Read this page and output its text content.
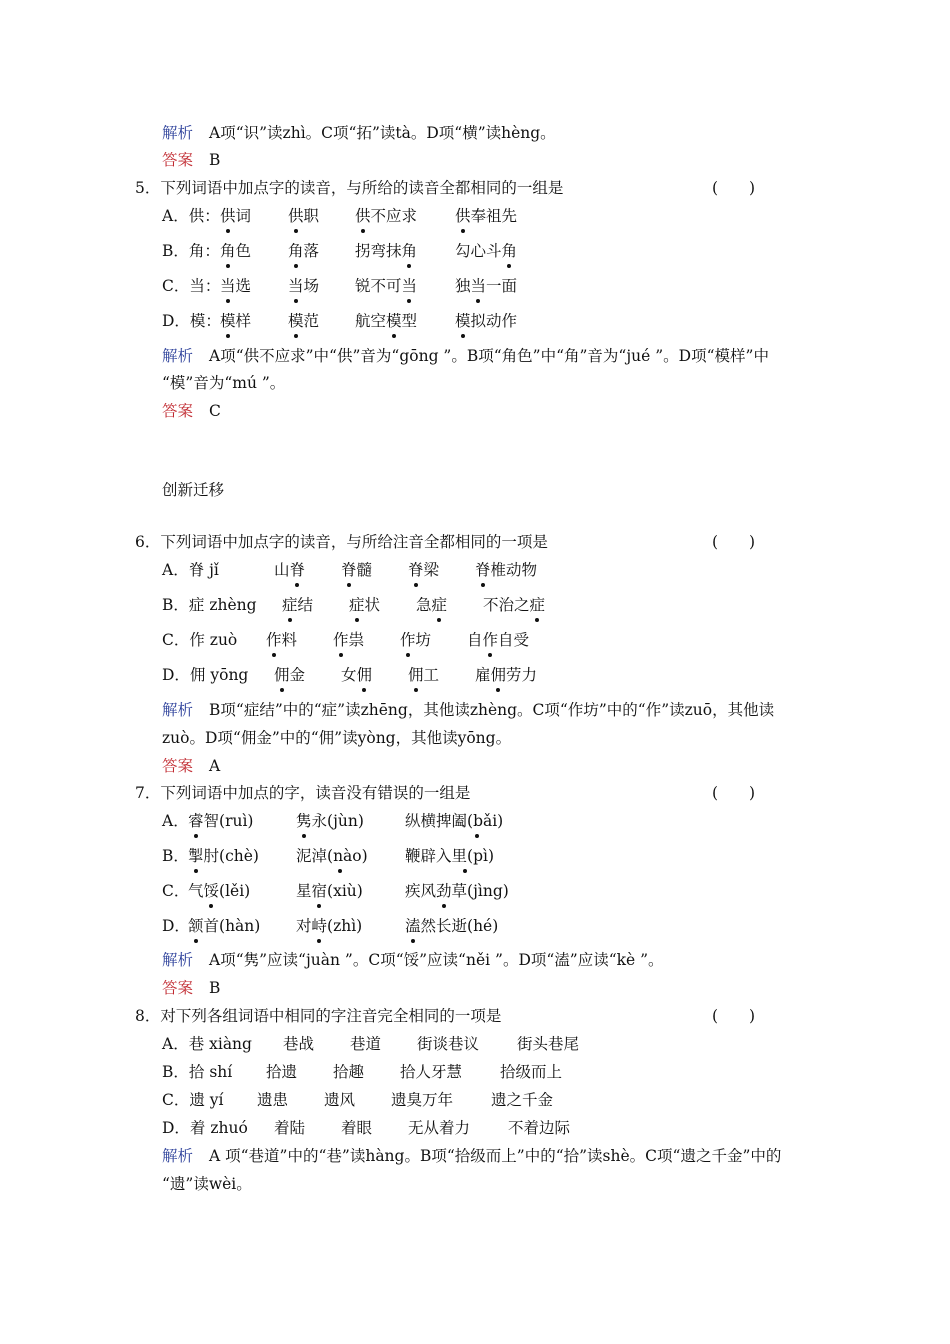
解析 A项“识”读zhì。C项“拓”读tà。D项“横”读hèng。
答案 B
5．下列词语中加点字的读音，与所给的读音全都相同的一组是	(　　)
A．供： 供词 供职 供不应求 供奉祖先
B．角： 角色 角落 拐弯抹角 勾心斗角
C．当： 当选 当场 锐不可当 独当一面
D．模： 模样 模范 航空模型 模拟动作
解析 A项“供不应求”中“供”音为“gōng ”。B项“角色”中“角”音为“jué ”。D项“模样”中
“模”音为“mú ”。
答案 C
创新迁移
6．下列词语中加点字的读音，与所给注音全都相同的一项是	(　　)
A．脊 jǐ	山脊 脊髓 脊梁 脊椎动物
B．症 zhèng 症结 症状 急症 不治之症
C．作 zuò 作料 作祟 作坊 自作自受
D．佣 yōng 佣金 女佣 佣工 雇佣劳力
解析 B项“症结”中的“症”读zhēng，其他读zhèng。C项“作坊”中的“作”读zuō，其他读
zuò。D项“佣金”中的“佣”读yòng，其他读yōng。
答案 A
7．下列词语中加点的字，读音没有错误的一组是	(　　)
A． 睿智(ruì)	隽永(jùn)	纵横捭阖(bǎi)
B． 掣肘(chè) 泥淖(nào) 鞭辟入里(pì)
C．
气馁(lěi)	星宿(xiù)	疾风劲草(jìng)
D．
颔首(hàn) 对峙(zhì)	溘然长逝(hé)
解析 A项“隽”应读“juàn ”。C项“馁”应读“něi ”。D项“溘”应读“kè ”。
答案 B
8．对下列各组词语中相同的字注音完全相同的一项是	(　　)
A．巷 xiàng 巷战 巷道 街谈巷议 街头巷尾
B．拾 shí 拾遗 拾趣 拾人牙慧 拾级而上
C．遗 yí 遗患 遗风 遗臭万年 遗之千金
D．着 zhuó 着陆 着眼 无从着力 不着边际
解析 A 项“巷道”中的“巷”读hàng。B项“拾级而上”中的“拾”读shè。C项“遗之千金”中的
“遗”读wèi。
